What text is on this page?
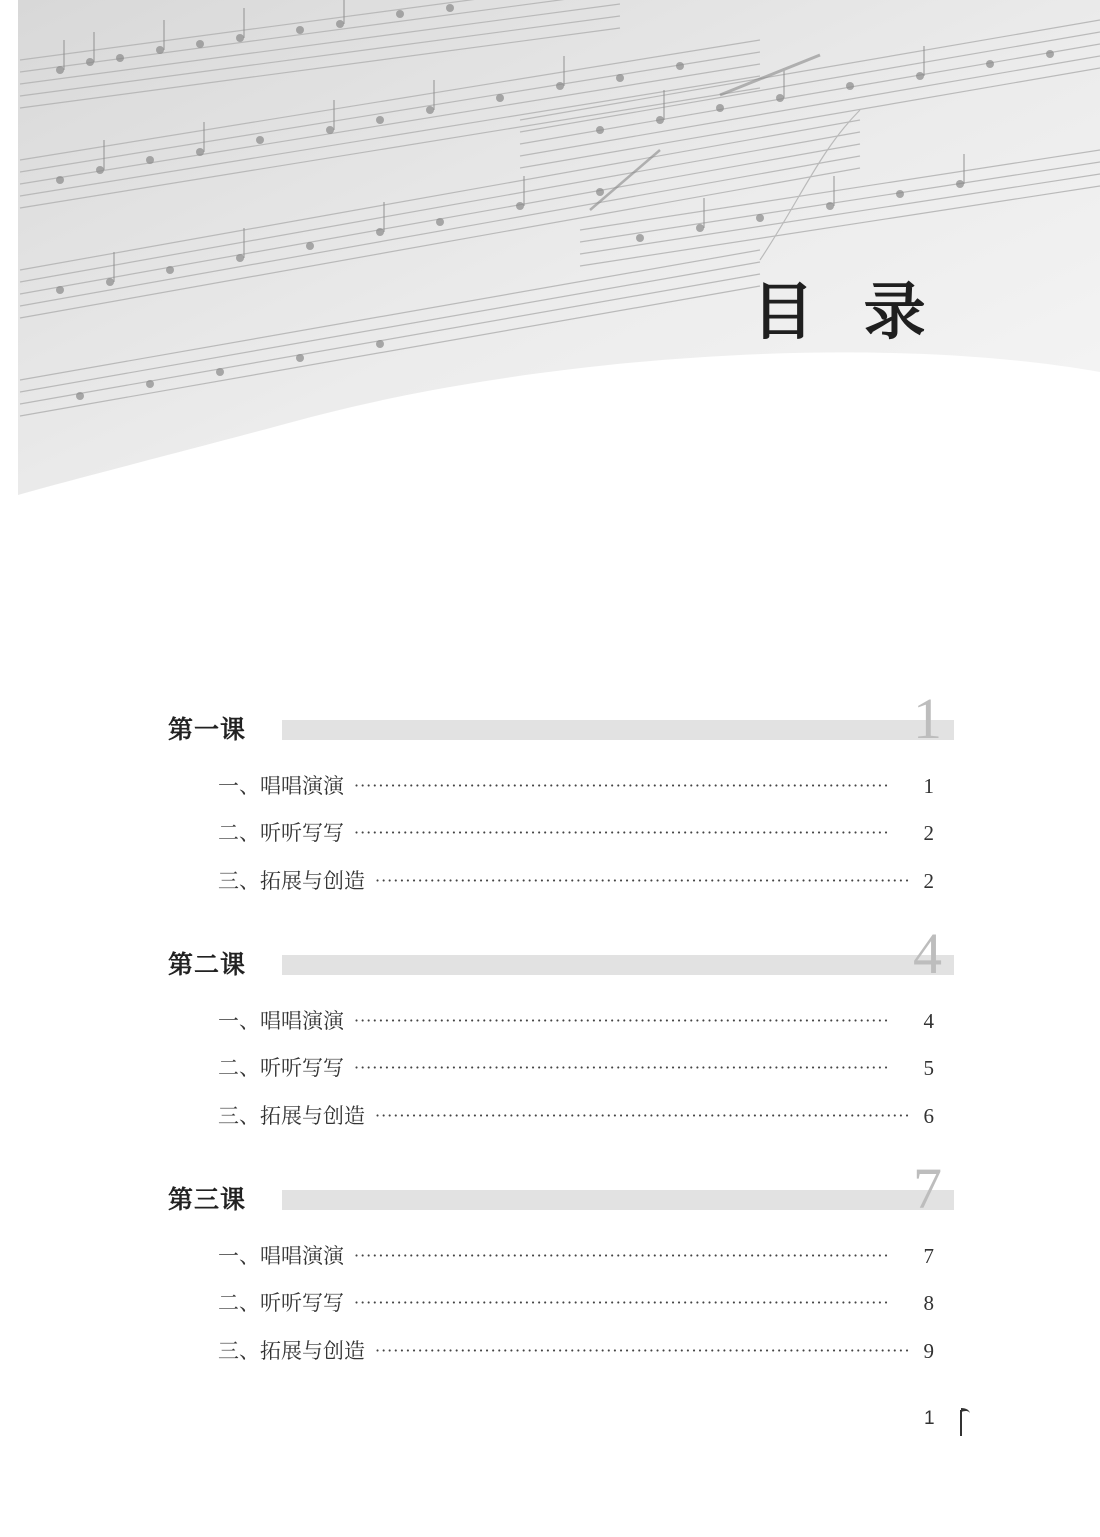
目 录
第一课	1
一、唱唱演演 ························································································	1
二、听听写写 ························································································	2
三、拓展与创造 ························································································ 2
第二课	4
一、唱唱演演 ························································································	4
二、听听写写 ························································································	5
三、拓展与创造 ························································································ 6
第三课	7
一、唱唱演演 ························································································	7
二、听听写写 ························································································	8
三、拓展与创造 ························································································ 9
1
